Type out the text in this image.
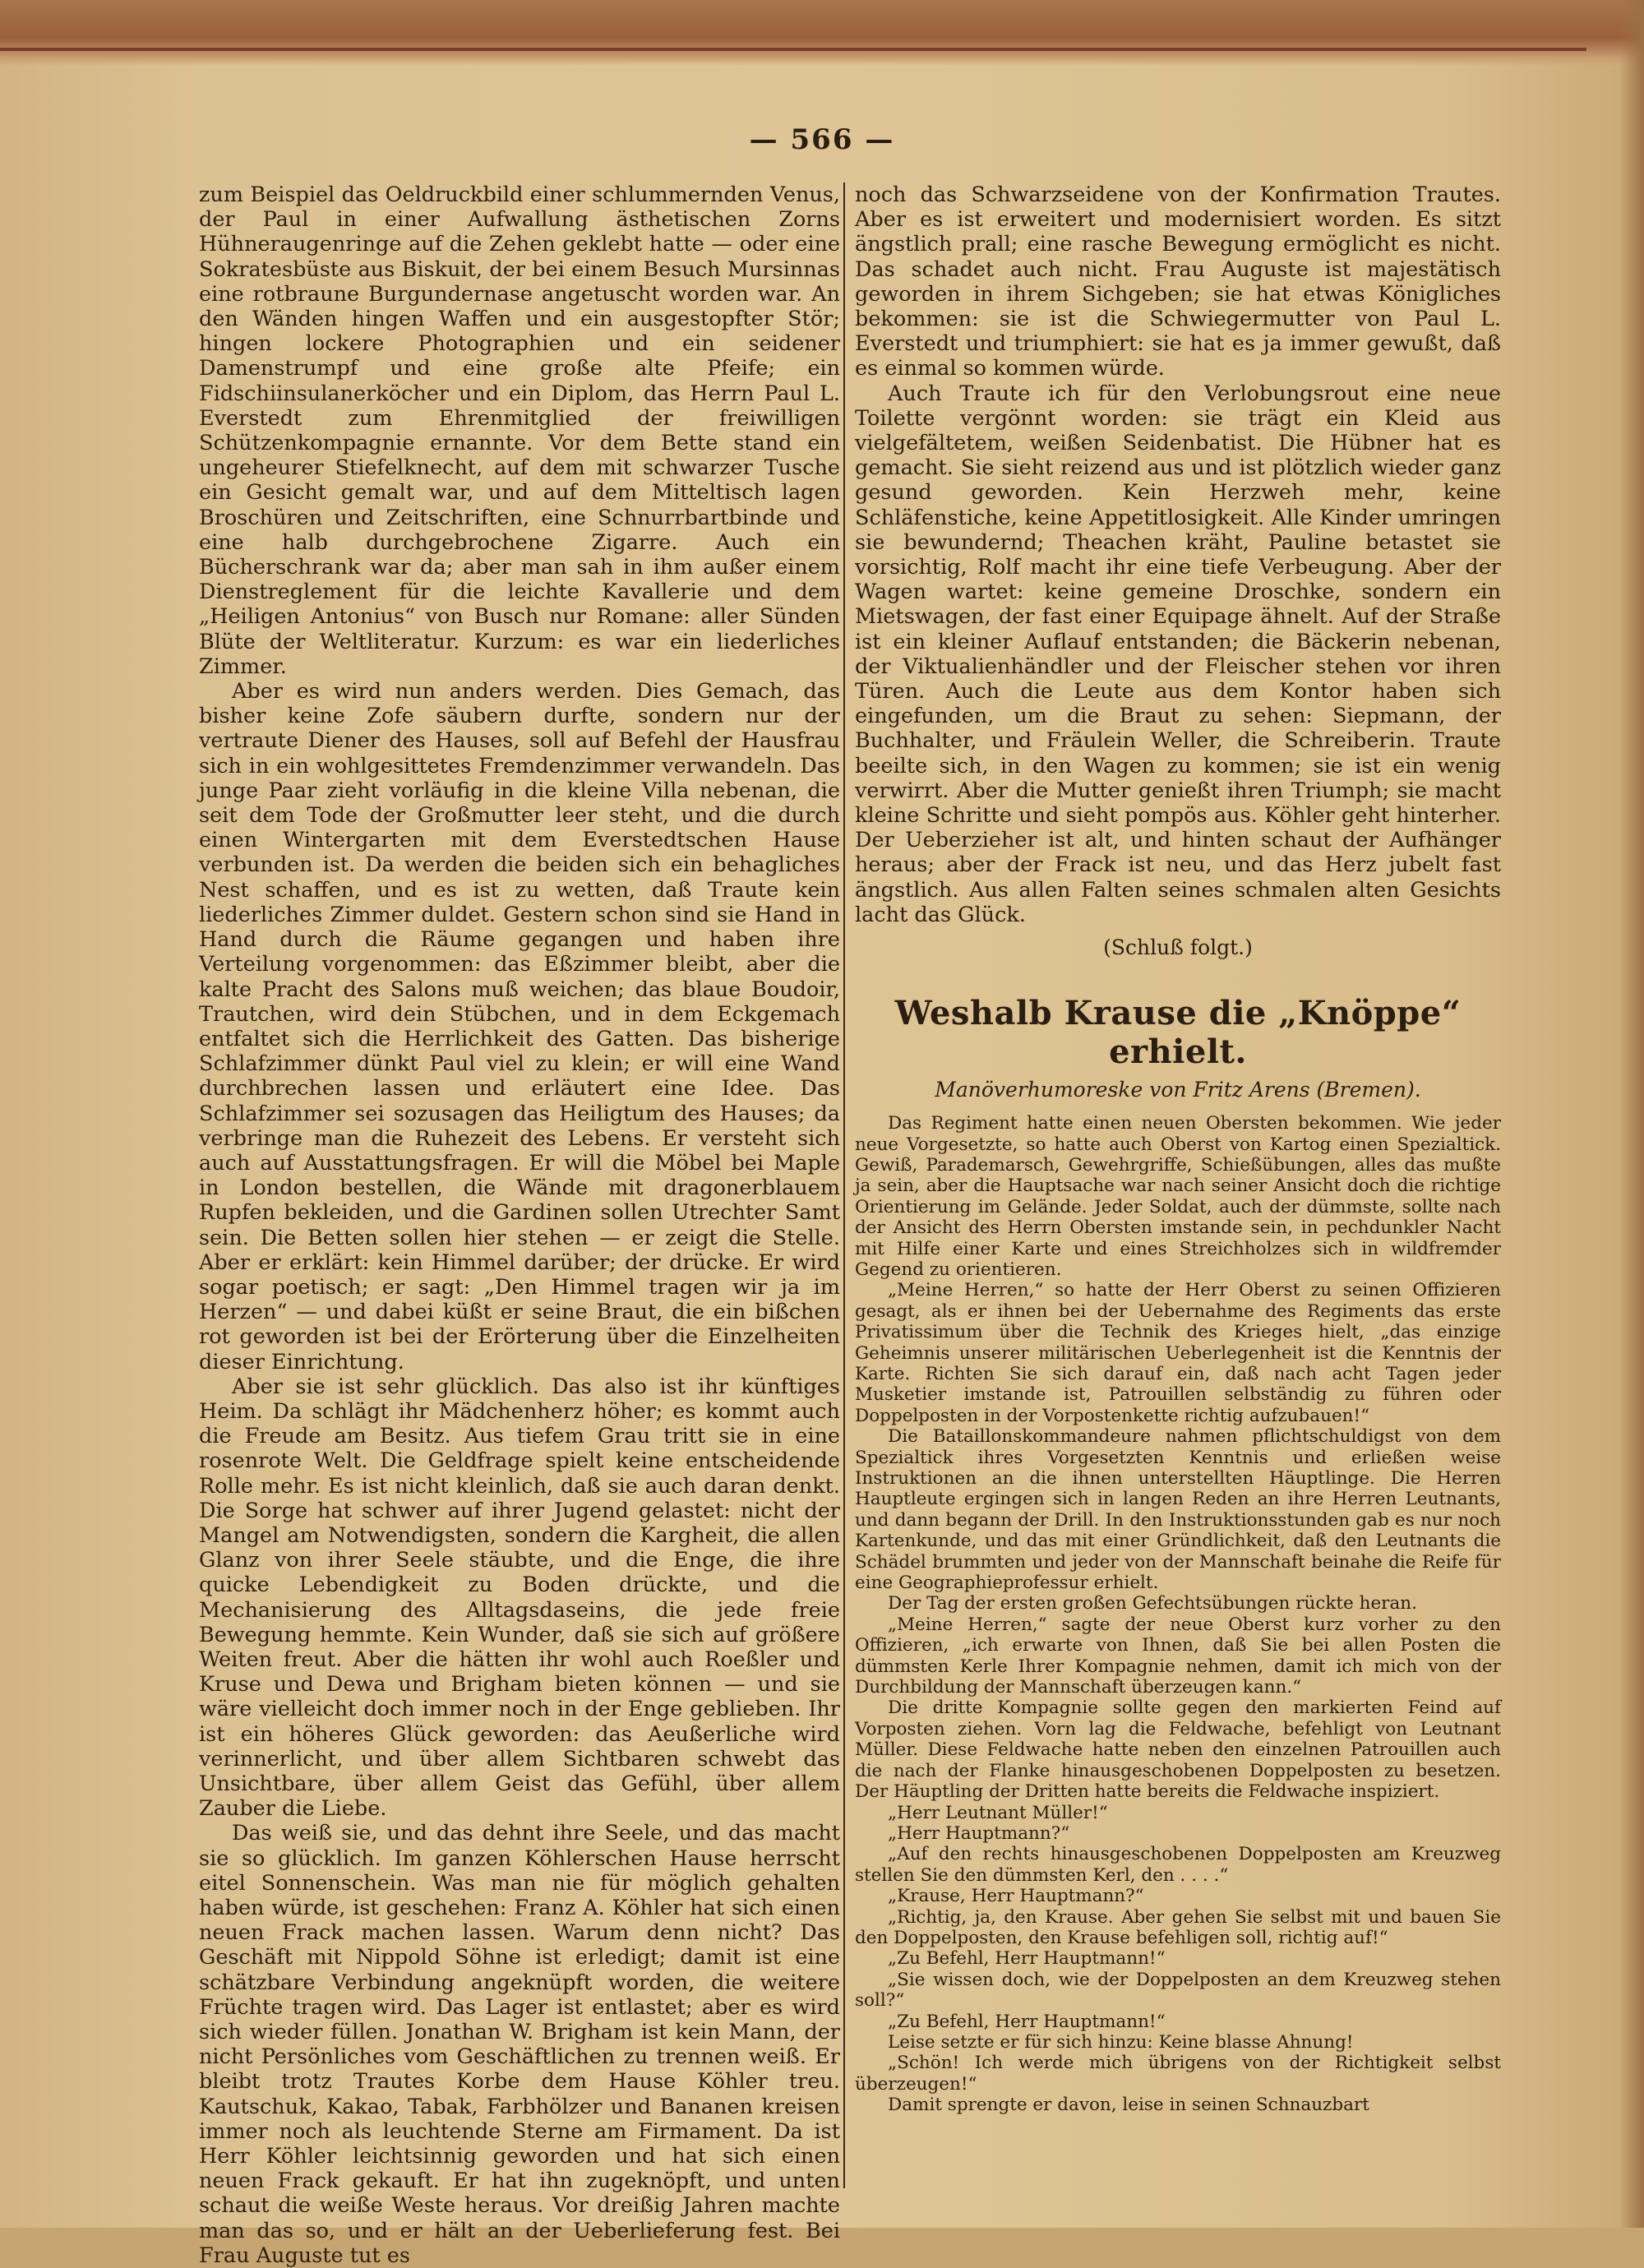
— 566 —

zum Beispiel das Oeldruckbild einer schlummernden Venus, der Paul in einer Aufwallung ästhetischen Zorns Hühneraugenringe auf die Zehen geklebt hatte — oder eine Sokratesbüste aus Biskuit, der bei einem Besuch Mursinnas eine rotbraune Burgundernase angetuscht worden war. An den Wänden hingen Waffen und ein ausgestopfter Stör; hingen lockere Photographien und ein seidener Damenstrumpf und eine große alte Pfeife; ein Fidschiinsulanerköcher und ein Diplom, das Herrn Paul L. Everstedt zum Ehrenmitglied der freiwilligen Schützenkompagnie ernannte. Vor dem Bette stand ein ungeheurer Stiefelknecht, auf dem mit schwarzer Tusche ein Gesicht gemalt war, und auf dem Mitteltisch lagen Broschüren und Zeitschriften, eine Schnurrbartbinde und eine halb durchgebrochene Zigarre. Auch ein Bücherschrank war da; aber man sah in ihm außer einem Dienstreglement für die leichte Kavallerie und dem „Heiligen Antonius“ von Busch nur Romane: aller Sünden Blüte der Weltliteratur. Kurzum: es war ein liederliches Zimmer.

Aber es wird nun anders werden. Dies Gemach, das bisher keine Zofe säubern durfte, sondern nur der vertraute Diener des Hauses, soll auf Befehl der Hausfrau sich in ein wohlgesittetes Fremdenzimmer verwandeln. Das junge Paar zieht vorläufig in die kleine Villa nebenan, die seit dem Tode der Großmutter leer steht, und die durch einen Wintergarten mit dem Everstedtschen Hause verbunden ist. Da werden die beiden sich ein behagliches Nest schaffen, und es ist zu wetten, daß Traute kein liederliches Zimmer duldet. Gestern schon sind sie Hand in Hand durch die Räume gegangen und haben ihre Verteilung vorgenommen: das Eßzimmer bleibt, aber die kalte Pracht des Salons muß weichen; das blaue Boudoir, Trautchen, wird dein Stübchen, und in dem Eckgemach entfaltet sich die Herrlichkeit des Gatten. Das bisherige Schlafzimmer dünkt Paul viel zu klein; er will eine Wand durchbrechen lassen und erläutert eine Idee. Das Schlafzimmer sei sozusagen das Heiligtum des Hauses; da verbringe man die Ruhezeit des Lebens. Er versteht sich auch auf Ausstattungsfragen. Er will die Möbel bei Maple in London bestellen, die Wände mit dragonerblauem Rupfen bekleiden, und die Gardinen sollen Utrechter Samt sein. Die Betten sollen hier stehen — er zeigt die Stelle. Aber er erklärt: kein Himmel darüber; der drücke. Er wird sogar poetisch; er sagt: „Den Himmel tragen wir ja im Herzen“ — und dabei küßt er seine Braut, die ein bißchen rot geworden ist bei der Erörterung über die Einzelheiten dieser Einrichtung.

Aber sie ist sehr glücklich. Das also ist ihr künftiges Heim. Da schlägt ihr Mädchenherz höher; es kommt auch die Freude am Besitz. Aus tiefem Grau tritt sie in eine rosenrote Welt. Die Geldfrage spielt keine entscheidende Rolle mehr. Es ist nicht kleinlich, daß sie auch daran denkt. Die Sorge hat schwer auf ihrer Jugend gelastet: nicht der Mangel am Notwendigsten, sondern die Kargheit, die allen Glanz von ihrer Seele stäubte, und die Enge, die ihre quicke Lebendigkeit zu Boden drückte, und die Mechanisierung des Alltagsdaseins, die jede freie Bewegung hemmte. Kein Wunder, daß sie sich auf größere Weiten freut. Aber die hätten ihr wohl auch Roeßler und Kruse und Dewa und Brigham bieten können — und sie wäre vielleicht doch immer noch in der Enge geblieben. Ihr ist ein höheres Glück geworden: das Aeußerliche wird verinnerlicht, und über allem Sichtbaren schwebt das Unsichtbare, über allem Geist das Gefühl, über allem Zauber die Liebe.

Das weiß sie, und das dehnt ihre Seele, und das macht sie so glücklich. Im ganzen Köhlerschen Hause herrscht eitel Sonnenschein. Was man nie für möglich gehalten haben würde, ist geschehen: Franz A. Köhler hat sich einen neuen Frack machen lassen. Warum denn nicht? Das Geschäft mit Nippold Söhne ist erledigt; damit ist eine schätzbare Verbindung angeknüpft worden, die weitere Früchte tragen wird. Das Lager ist entlastet; aber es wird sich wieder füllen. Jonathan W. Brigham ist kein Mann, der nicht Persönliches vom Geschäftlichen zu trennen weiß. Er bleibt trotz Trautes Korbe dem Hause Köhler treu. Kautschuk, Kakao, Tabak, Farbhölzer und Bananen kreisen immer noch als leuchtende Sterne am Firmament. Da ist Herr Köhler leichtsinnig geworden und hat sich einen neuen Frack gekauft. Er hat ihn zugeknöpft, und unten schaut die weiße Weste heraus. Vor dreißig Jahren machte man das so, und er hält an der Ueberlieferung fest. Bei Frau Auguste tut es

noch das Schwarzseidene von der Konfirmation Trautes. Aber es ist erweitert und modernisiert worden. Es sitzt ängstlich prall; eine rasche Bewegung ermöglicht es nicht. Das schadet auch nicht. Frau Auguste ist majestätisch geworden in ihrem Sichgeben; sie hat etwas Königliches bekommen: sie ist die Schwiegermutter von Paul L. Everstedt und triumphiert: sie hat es ja immer gewußt, daß es einmal so kommen würde.

Auch Traute ich für den Verlobungsrout eine neue Toilette vergönnt worden: sie trägt ein Kleid aus vielgefältetem, weißen Seidenbatist. Die Hübner hat es gemacht. Sie sieht reizend aus und ist plötzlich wieder ganz gesund geworden. Kein Herzweh mehr, keine Schläfenstiche, keine Appetitlosigkeit. Alle Kinder umringen sie bewundernd; Theachen kräht, Pauline betastet sie vorsichtig, Rolf macht ihr eine tiefe Verbeugung. Aber der Wagen wartet: keine gemeine Droschke, sondern ein Mietswagen, der fast einer Equipage ähnelt. Auf der Straße ist ein kleiner Auflauf entstanden; die Bäckerin nebenan, der Viktualienhändler und der Fleischer stehen vor ihren Türen. Auch die Leute aus dem Kontor haben sich eingefunden, um die Braut zu sehen: Siepmann, der Buchhalter, und Fräulein Weller, die Schreiberin. Traute beeilte sich, in den Wagen zu kommen; sie ist ein wenig verwirrt. Aber die Mutter genießt ihren Triumph; sie macht kleine Schritte und sieht pompös aus. Köhler geht hinterher. Der Ueberzieher ist alt, und hinten schaut der Aufhänger heraus; aber der Frack ist neu, und das Herz jubelt fast ängstlich. Aus allen Falten seines schmalen alten Gesichts lacht das Glück.

(Schluß folgt.)
Weshalb Krause die „Knöppe“ erhielt.
Manöverhumoreske von Fritz Arens (Bremen).

Das Regiment hatte einen neuen Obersten bekommen. Wie jeder neue Vorgesetzte, so hatte auch Oberst von Kartog einen Spezialtick. Gewiß, Parademarsch, Gewehrgriffe, Schießübungen, alles das mußte ja sein, aber die Hauptsache war nach seiner Ansicht doch die richtige Orientierung im Gelände. Jeder Soldat, auch der dümmste, sollte nach der Ansicht des Herrn Obersten imstande sein, in pechdunkler Nacht mit Hilfe einer Karte und eines Streichholzes sich in wildfremder Gegend zu orientieren.

„Meine Herren,“ so hatte der Herr Oberst zu seinen Offizieren gesagt, als er ihnen bei der Uebernahme des Regiments das erste Privatissimum über die Technik des Krieges hielt, „das einzige Geheimnis unserer militärischen Ueberlegenheit ist die Kenntnis der Karte. Richten Sie sich darauf ein, daß nach acht Tagen jeder Musketier imstande ist, Patrouillen selbständig zu führen oder Doppelposten in der Vorpostenkette richtig aufzubauen!“

Die Bataillonskommandeure nahmen pflichtschuldigst von dem Spezialtick ihres Vorgesetzten Kenntnis und erließen weise Instruktionen an die ihnen unterstellten Häuptlinge. Die Herren Hauptleute ergingen sich in langen Reden an ihre Herren Leutnants, und dann begann der Drill. In den Instruktionsstunden gab es nur noch Kartenkunde, und das mit einer Gründlichkeit, daß den Leutnants die Schädel brummten und jeder von der Mannschaft beinahe die Reife für eine Geographieprofessur erhielt.

Der Tag der ersten großen Gefechtsübungen rückte heran.

„Meine Herren,“ sagte der neue Oberst kurz vorher zu den Offizieren, „ich erwarte von Ihnen, daß Sie bei allen Posten die dümmsten Kerle Ihrer Kompagnie nehmen, damit ich mich von der Durchbildung der Mannschaft überzeugen kann.“

Die dritte Kompagnie sollte gegen den markierten Feind auf Vorposten ziehen. Vorn lag die Feldwache, befehligt von Leutnant Müller. Diese Feldwache hatte neben den einzelnen Patrouillen auch die nach der Flanke hinausgeschobenen Doppelposten zu besetzen. Der Häuptling der Dritten hatte bereits die Feldwache inspiziert.

„Herr Leutnant Müller!“

„Herr Hauptmann?“

„Auf den rechts hinausgeschobenen Doppelposten am Kreuzweg stellen Sie den dümmsten Kerl, den . . . .“

„Krause, Herr Hauptmann?“

„Richtig, ja, den Krause. Aber gehen Sie selbst mit und bauen Sie den Doppelposten, den Krause befehligen soll, richtig auf!“

„Zu Befehl, Herr Hauptmann!“

„Sie wissen doch, wie der Doppelposten an dem Kreuzweg stehen soll?“

„Zu Befehl, Herr Hauptmann!“

Leise setzte er für sich hinzu: Keine blasse Ahnung!

„Schön! Ich werde mich übrigens von der Richtigkeit selbst überzeugen!“

Damit sprengte er davon, leise in seinen Schnauzbart
